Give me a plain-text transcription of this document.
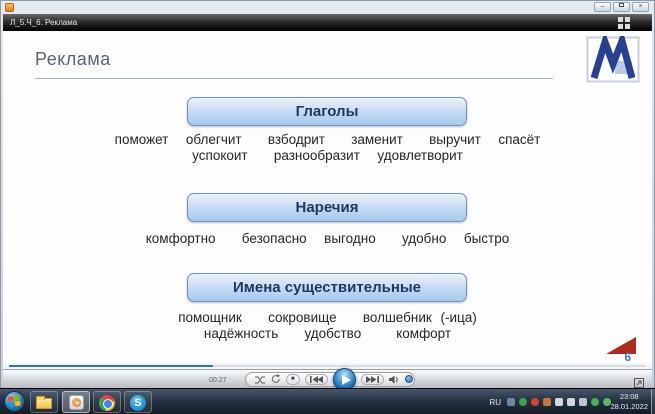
–	×
Л_5.Ч_6. Реклама
Реклама
Глаголы
поможет  облегчит   взбодрит   заменит   выручит  спасёт
успокоит   разнообразит  удовлетворит
Наречия
комфортно   безопасно  выгодно   удобно  быстро
Имена существительные
помощник   сокровище   волшебник (-ица)
надёжность   удобство    комфорт
6
00:27	■
S	RU
23:08
28.01.2022
